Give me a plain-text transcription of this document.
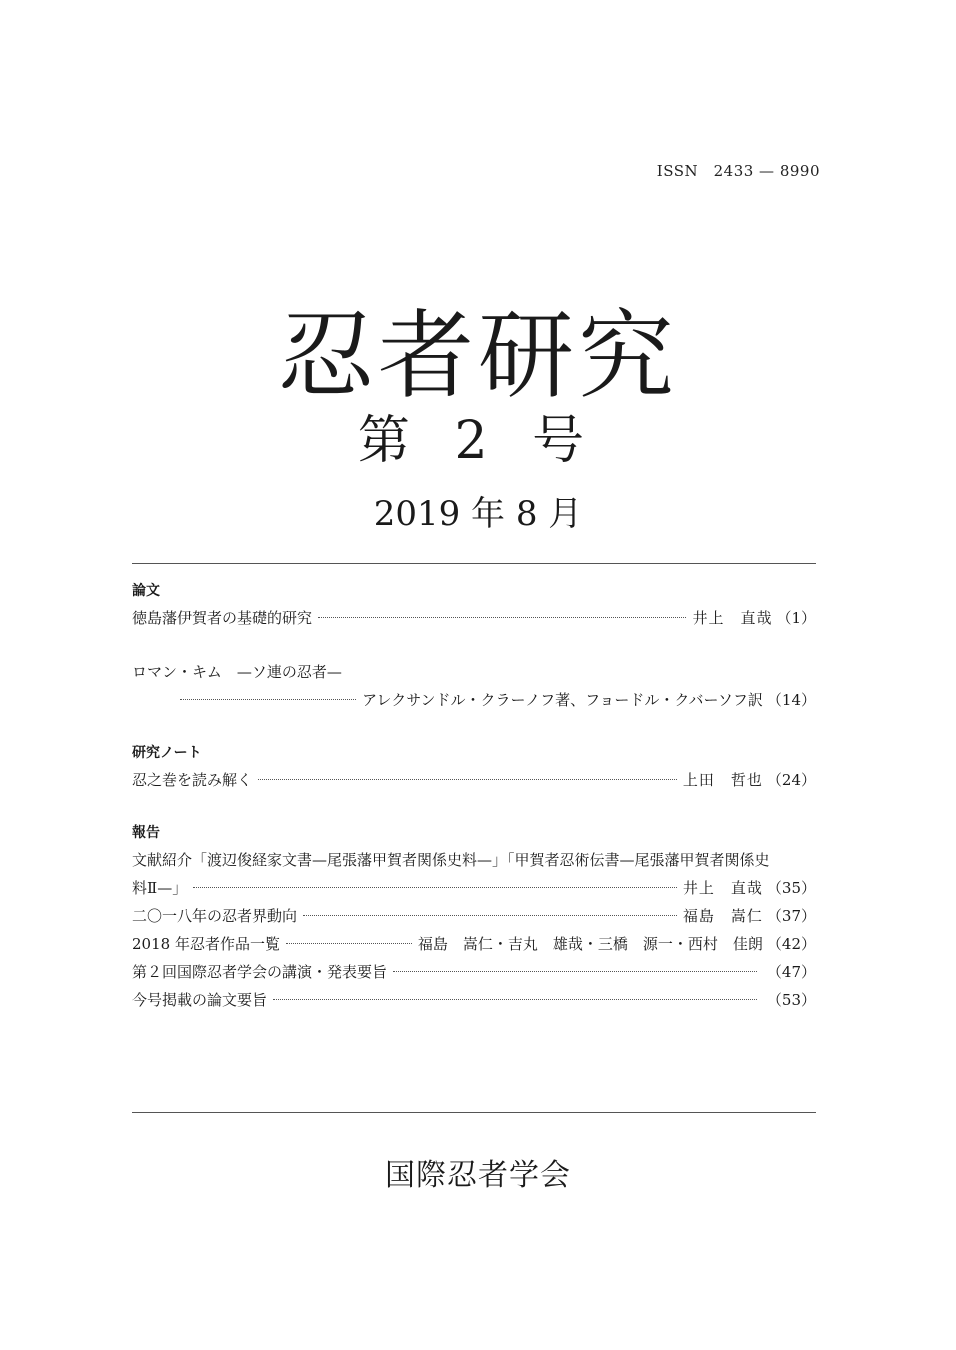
ISSN　2433 — 8990
忍者研究
第 2 号
2019 年 8 月
論文
徳島藩伊賀者の基礎的研究	井上　直哉 （1）
ロマン・キム　—ソ連の忍者—
アレクサンドル・クラーノフ著、フョードル・クバーソフ訳 （14）
研究ノート
忍之巻を読み解く	上田　哲也 （24）
報告
文献紹介「渡辺俊経家文書—尾張藩甲賀者関係史料—」「甲賀者忍術伝書—尾張藩甲賀者関係史
料Ⅱ—」	井上　直哉 （35）
二〇一八年の忍者界動向	福島　嵩仁 （37）
2018 年忍者作品一覧	福島　嵩仁・吉丸　雄哉・三橋　源一・西村　佳朗 （42）
第２回国際忍者学会の講演・発表要旨	（47）
今号掲載の論文要旨	（53）
国際忍者学会
